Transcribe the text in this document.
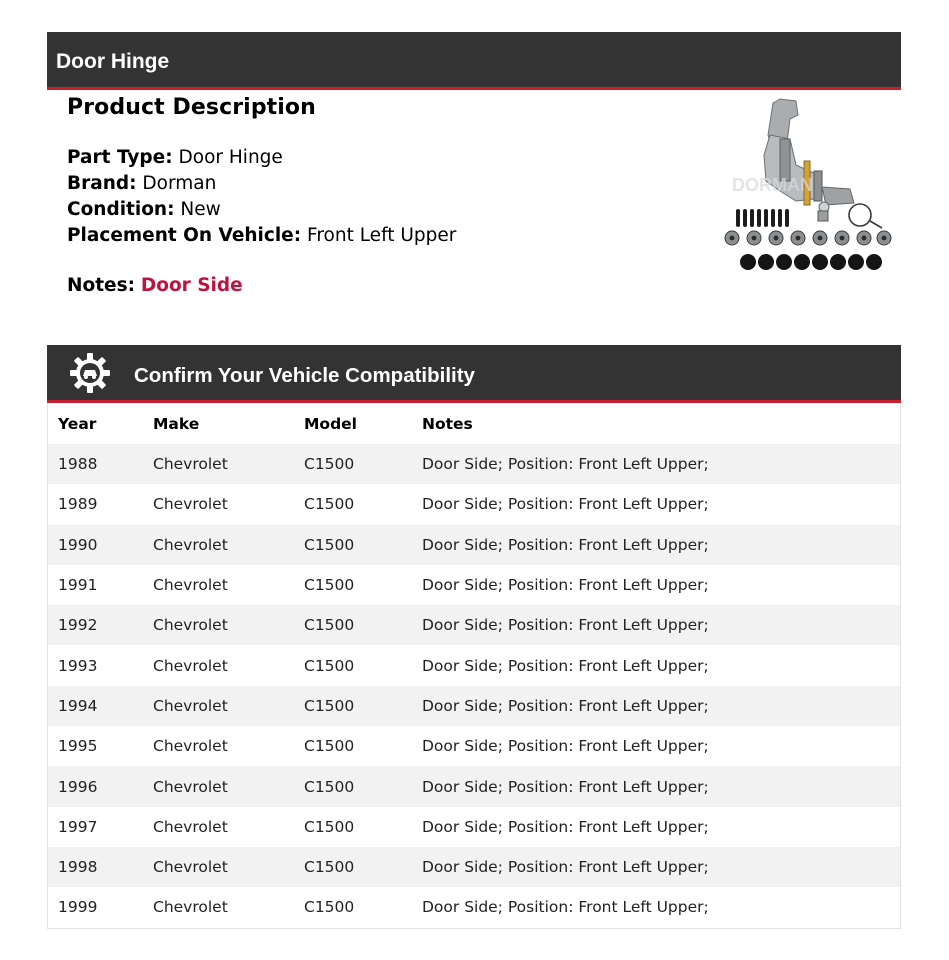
Door Hinge
Product Description
Part Type: Door Hinge
Brand: Dorman
Condition: New
Placement On Vehicle: Front Left Upper
Notes: Door Side
DORMAN
Confirm Your Vehicle Compatibility
Year	Make	Model	Notes
1988	Chevrolet	C1500	Door Side; Position: Front Left Upper;
1989	Chevrolet	C1500	Door Side; Position: Front Left Upper;
1990	Chevrolet	C1500	Door Side; Position: Front Left Upper;
1991	Chevrolet	C1500	Door Side; Position: Front Left Upper;
1992	Chevrolet	C1500	Door Side; Position: Front Left Upper;
1993	Chevrolet	C1500	Door Side; Position: Front Left Upper;
1994	Chevrolet	C1500	Door Side; Position: Front Left Upper;
1995	Chevrolet	C1500	Door Side; Position: Front Left Upper;
1996	Chevrolet	C1500	Door Side; Position: Front Left Upper;
1997	Chevrolet	C1500	Door Side; Position: Front Left Upper;
1998	Chevrolet	C1500	Door Side; Position: Front Left Upper;
1999	Chevrolet	C1500	Door Side; Position: Front Left Upper;
